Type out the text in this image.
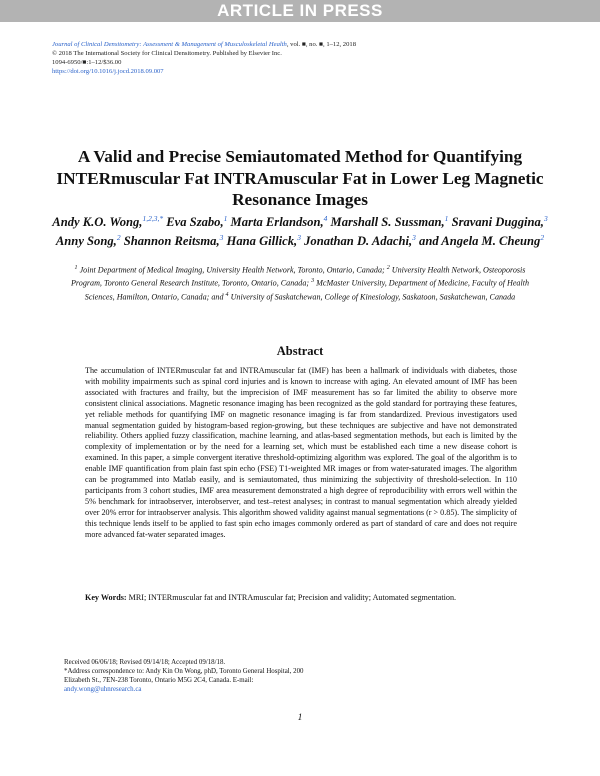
ARTICLE IN PRESS
Journal of Clinical Densitometry: Assessment & Management of Musculoskeletal Health, vol. ■, no. ■, 1–12, 2018
© 2018 The International Society for Clinical Densitometry. Published by Elsevier Inc.
1094-6950/■:1–12/$36.00
https://doi.org/10.1016/j.jocd.2018.09.007
A Valid and Precise Semiautomated Method for Quantifying INTERmuscular Fat INTRAmuscular Fat in Lower Leg Magnetic Resonance Images
Andy K.O. Wong,$^{1,2,3,*}$ Eva Szabo,$^1$ Marta Erlandson,$^4$ Marshall S. Sussman,$^1$ Sravani Duggina,$^3$ Anny Song,$^2$ Shannon Reitsma,$^3$ Hana Gillick,$^3$ Jonathan D. Adachi,$^3$ and Angela M. Cheung$^2$
$^1$ Joint Department of Medical Imaging, University Health Network, Toronto, Ontario, Canada; $^2$ University Health Network, Osteoporosis Program, Toronto General Research Institute, Toronto, Ontario, Canada; $^3$ McMaster University, Department of Medicine, Faculty of Health Sciences, Hamilton, Ontario, Canada; and $^4$ University of Saskatchewan, College of Kinesiology, Saskatoon, Saskatchewan, Canada
Abstract
The accumulation of INTERmuscular fat and INTRAmuscular fat (IMF) has been a hallmark of individuals with diabetes, those with mobility impairments such as spinal cord injuries and is known to increase with aging. An elevated amount of IMF has been associated with fractures and frailty, but the imprecision of IMF measurement has so far limited the ability to observe more consistent clinical associations. Magnetic resonance imaging has been recognized as the gold standard for portraying these features, yet reliable methods for quantifying IMF on magnetic resonance imaging is far from standardized. Previous investigators used manual segmentation guided by histogram-based region-growing, but these techniques are subjective and have not demonstrated reliability. Others applied fuzzy classification, machine learning, and atlas-based segmentation methods, but each is limited by the complexity of implementation or by the need for a learning set, which must be established each time a new disease cohort is examined. In this paper, a simple convergent iterative threshold-optimizing algorithm was explored. The goal of the algorithm is to enable IMF quantification from plain fast spin echo (FSE) T1-weighted MR images or from water-saturated images. The algorithm can be programmed into Matlab easily, and is semiautomated, thus minimizing the subjectivity of threshold-selection. In 110 participants from 3 cohort studies, IMF area measurement demonstrated a high degree of reproducibility with errors well within the 5% benchmark for intraobserver, interobserver, and test–retest analyses; in contrast to manual segmentation which already yielded over 20% error for intraobserver analysis. This algorithm showed validity against manual segmentations (r > 0.85). The simplicity of this technique lends itself to be applied to fast spin echo images commonly ordered as part of standard of care and does not require more advanced fat-water separated images.
Key Words: MRI; INTERmuscular fat and INTRAmuscular fat; Precision and validity; Automated segmentation.
Received 06/06/18; Revised 09/14/18; Accepted 09/18/18.
*Address correspondence to: Andy Kin On Wong, phD, Toronto General Hospital, 200 Elizabeth St., 7EN-238 Toronto, Ontario M5G 2C4, Canada. E-mail: andy.wong@uhnresearch.ca
1
